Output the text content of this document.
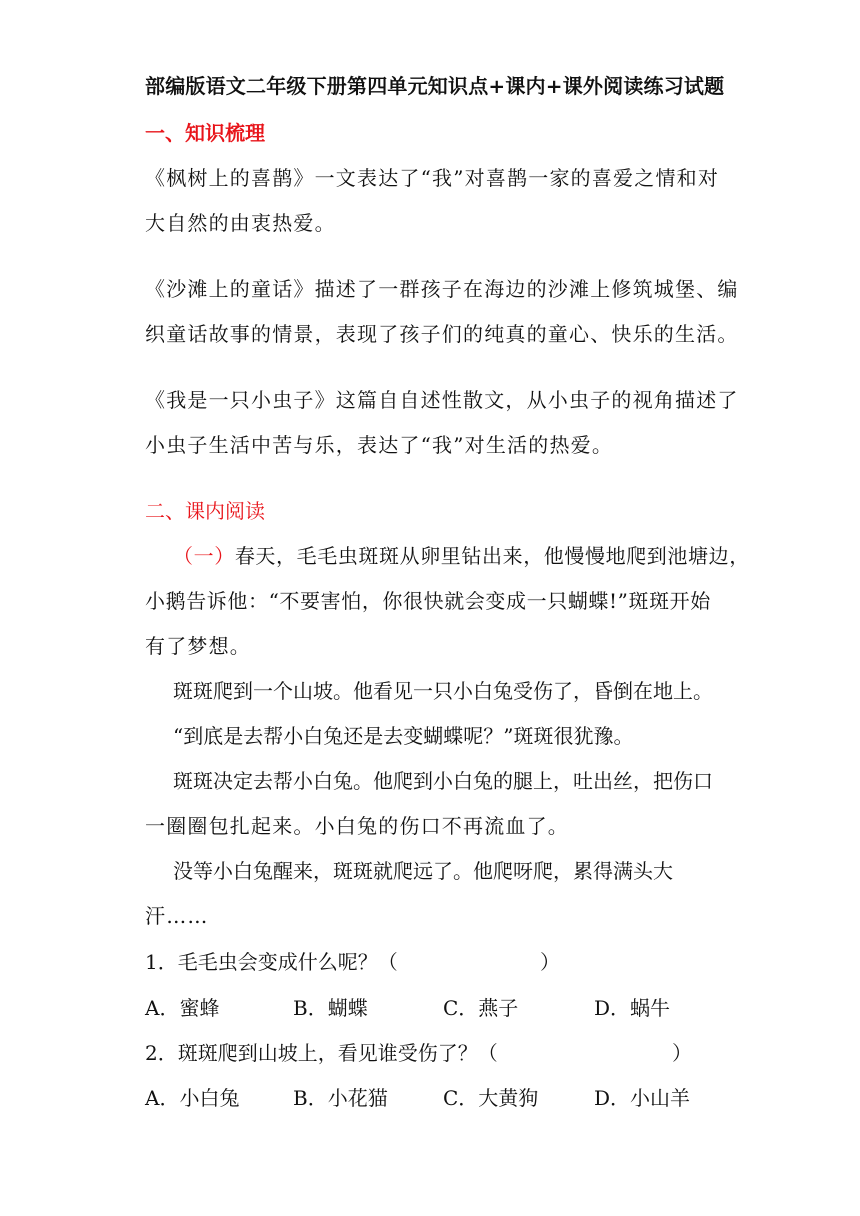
部编版语文二年级下册第四单元知识点+课内+课外阅读练习试题
一、知识梳理
《枫树上的喜鹊》一文表达了“我”对喜鹊一家的喜爱之情和对
大自然的由衷热爱。
《沙滩上的童话》描述了一群孩子在海边的沙滩上修筑城堡、编
织童话故事的情景，表现了孩子们的纯真的童心、快乐的生活。
《我是一只小虫子》这篇自自述性散文，从小虫子的视角描述了
小虫子生活中苦与乐，表达了“我”对生活的热爱。
二、课内阅读
（一）春天，毛毛虫斑斑从卵里钻出来，他慢慢地爬到池塘边，
小鹅告诉他：“不要害怕，你很快就会变成一只蝴蝶!”斑斑开始
有了梦想。
斑斑爬到一个山坡。他看见一只小白兔受伤了，昏倒在地上。
“到底是去帮小白兔还是去变蝴蝶呢？”斑斑很犹豫。
斑斑决定去帮小白兔。他爬到小白兔的腿上，吐出丝，把伤口
一圈圈包扎起来。小白兔的伤口不再流血了。
没等小白兔醒来，斑斑就爬远了。他爬呀爬，累得满头大
汗……
1．毛毛虫会变成什么呢？（	）
A．蜜蜂	B．蝴蝶	C．燕子	D．蜗牛
2．斑斑爬到山坡上，看见谁受伤了？（	）
A．小白兔	B．小花猫	C．大黄狗	D．小山羊
